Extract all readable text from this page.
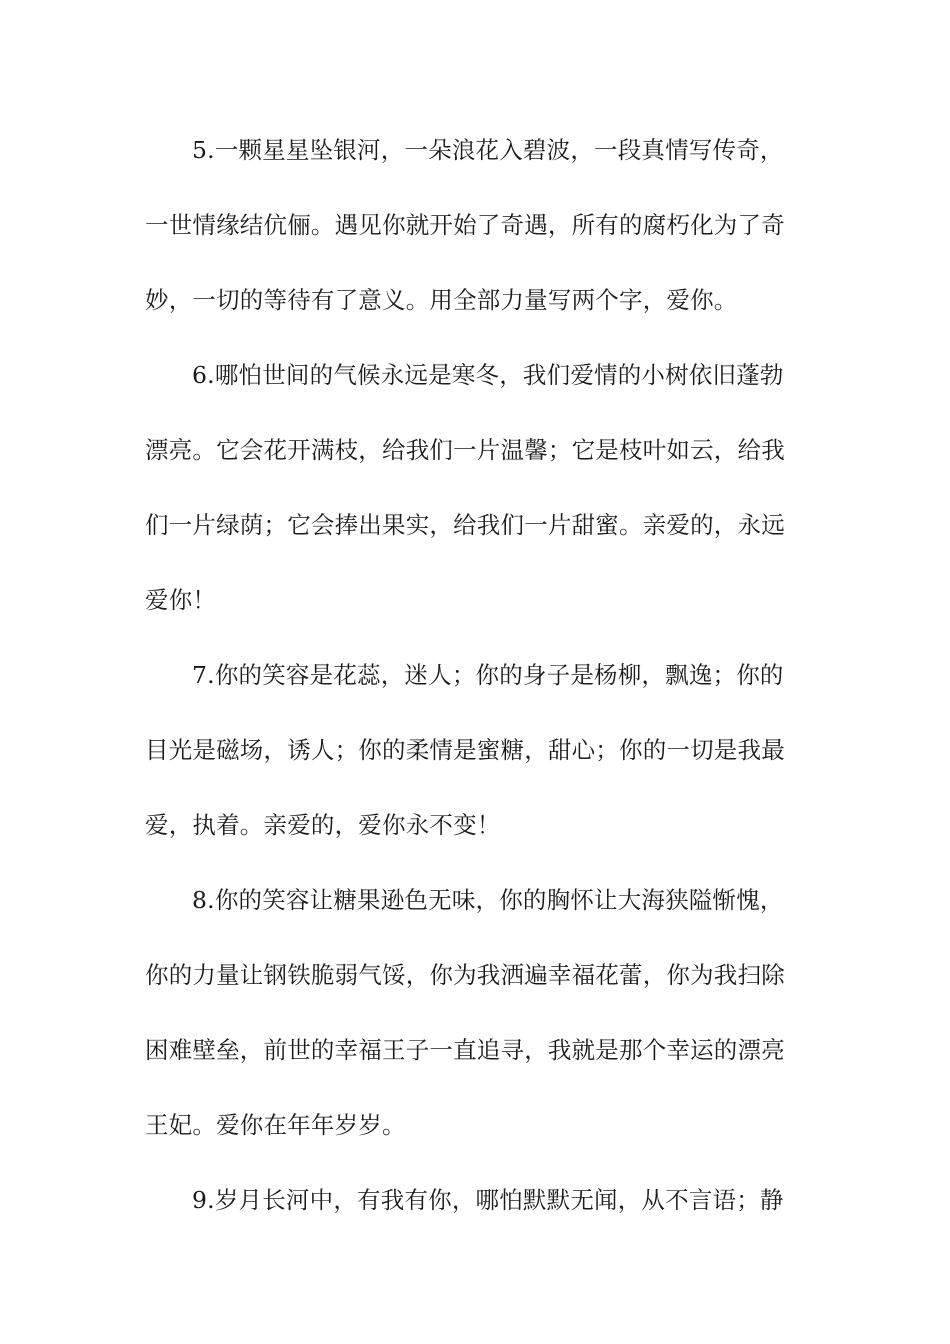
5.一颗星星坠银河，一朵浪花入碧波，一段真情写传奇，
一世情缘结伉俪。遇见你就开始了奇遇，所有的腐朽化为了奇
妙，一切的等待有了意义。用全部力量写两个字，爱你。
6.哪怕世间的气候永远是寒冬，我们爱情的小树依旧蓬勃
漂亮。它会花开满枝，给我们一片温馨；它是枝叶如云，给我
们一片绿荫；它会捧出果实，给我们一片甜蜜。亲爱的，永远
爱你！
7.你的笑容是花蕊，迷人；你的身子是杨柳，飘逸；你的
目光是磁场，诱人；你的柔情是蜜糖，甜心；你的一切是我最
爱，执着。亲爱的，爱你永不变！
8.你的笑容让糖果逊色无味，你的胸怀让大海狭隘惭愧，
你的力量让钢铁脆弱气馁，你为我洒遍幸福花蕾，你为我扫除
困难壁垒，前世的幸福王子一直追寻，我就是那个幸运的漂亮
王妃。爱你在年年岁岁。
9.岁月长河中，有我有你，哪怕默默无闻，从不言语；静
